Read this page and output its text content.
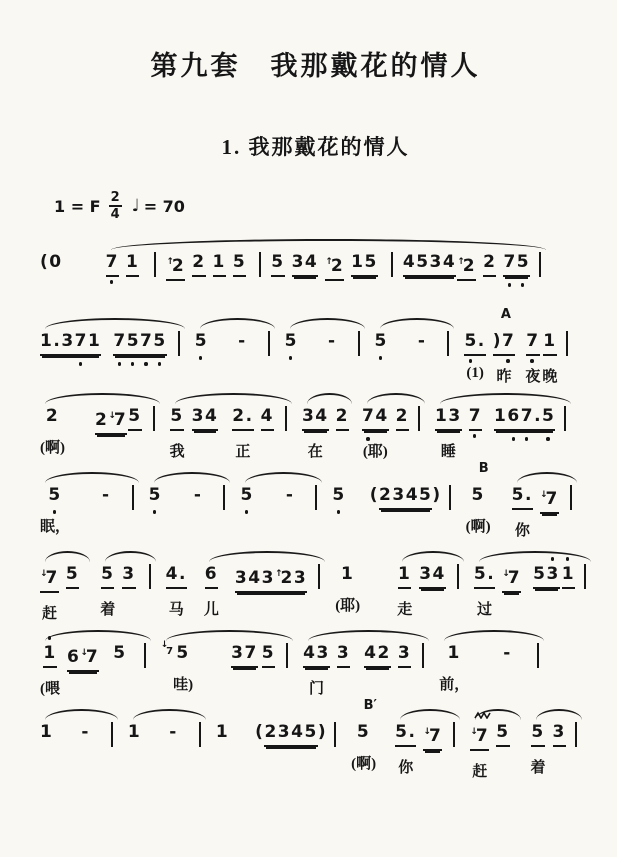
第九套　我那戴花的情人
1. 我那戴花的情人
1 = F $\frac{2}{4}$ ♩ = 70
(0	7 1	↑2 2 1 5 5 34 ↑2 15 4534 ↑2 2 7
5
1.37
1 7
5
7
5 5 - 5 - 5 -
A
5
.
(1)
)7
昨
7
夜
1
晚
2
(啊)
2↓7 5 5
我
34 2.
正
4 34
在
2 7
4
(耶)
2 13
睡
7 16
7
.5
5
眠，
- 5 - 5 - 5 ( 2345 )
B
5
(啊)
5.
你
↓7
↓7
赶
5 5
着
3 4.
马
6
儿
343↑23 1
(耶)
1
走
34 5.
过
↓7 53 1
1
(喂
6↓7 5	↓7 5
哇)
37 5 43
门
3 42 3 1
前，
-
1 - 1 - 1 ( 2345 )
B′
5
(啊)
5.
你
↓7	↓7
赶
5 5
着
3
